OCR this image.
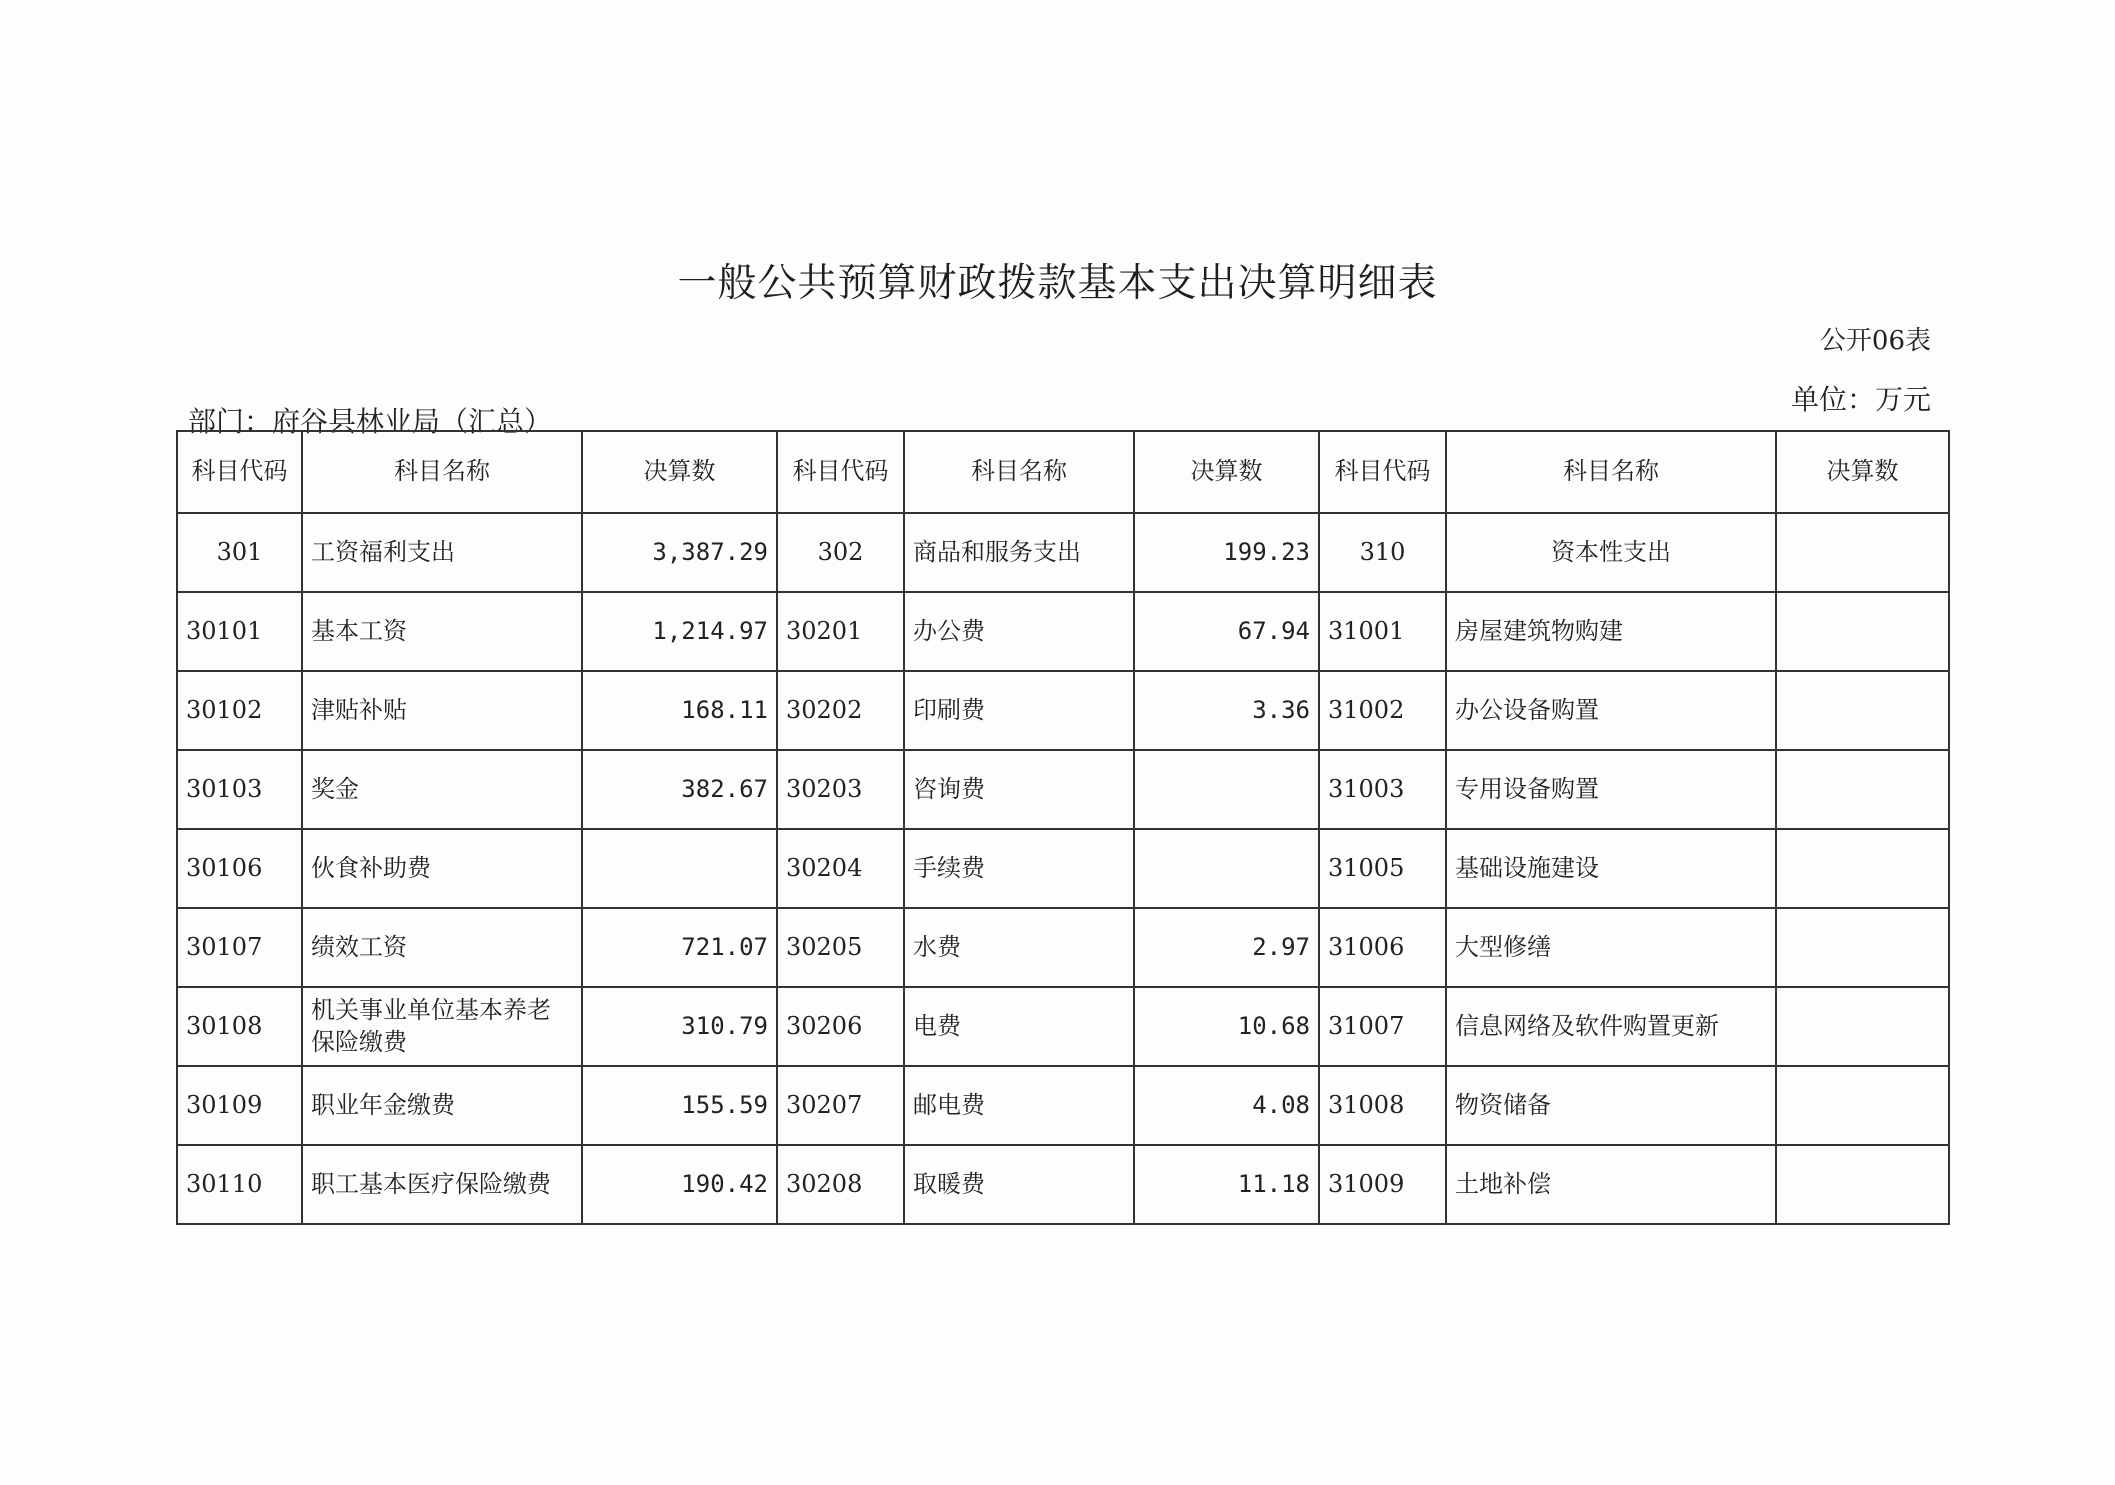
一般公共预算财政拨款基本支出决算明细表
公开06表
单位：万元
部门：府谷县林业局（汇总）
科目代码	科目名称	决算数	科目代码	科目名称	决算数	科目代码	科目名称	决算数
301	工资福利支出	3,387.29	302	商品和服务支出	199.23	310	资本性支出	
30101	基本工资	1,214.97	30201	办公费	67.94	31001	房屋建筑物购建	
30102	津贴补贴	168.11	30202	印刷费	3.36	31002	办公设备购置	
30103	奖金	382.67	30203	咨询费		31003	专用设备购置	
30106	伙食补助费		30204	手续费		31005	基础设施建设	
30107	绩效工资	721.07	30205	水费	2.97	31006	大型修缮	
30108	机关事业单位基本养老保险缴费	310.79	30206	电费	10.68	31007	信息网络及软件购置更新	
30109	职业年金缴费	155.59	30207	邮电费	4.08	31008	物资储备	
30110	职工基本医疗保险缴费	190.42	30208	取暖费	11.18	31009	土地补偿	
